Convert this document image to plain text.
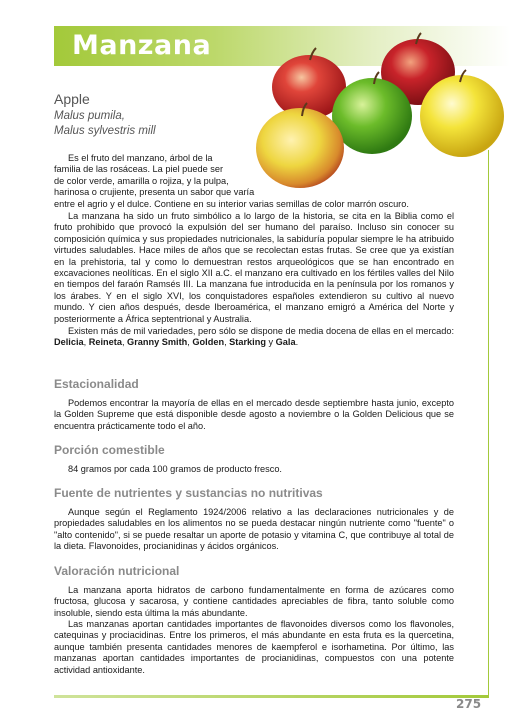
Manzana
Apple
Malus pumila,
Malus sylvestris mill
Es el fruto del manzano, árbol de la
familia de las rosáceas. La piel puede ser
de color verde, amarilla o rojiza, y la pulpa,
harinosa o crujiente, presenta un sabor que varía
entre el agrio y el dulce. Contiene en su interior varias semillas de color marrón oscuro.
La manzana ha sido un fruto simbólico a lo largo de la historia, se cita en la Biblia como el fruto prohibido que provocó la expulsión del ser humano del paraíso. Incluso sin conocer su composición química y sus propiedades nutricionales, la sabiduría popular siempre le ha atribuido virtudes saludables. Hace miles de años que se recolectan estas frutas. Se cree que ya existían en la prehistoria, tal y como lo demuestran restos arqueológicos que se han encontrado en excavaciones neolíticas. En el siglo XII a.C. el manzano era cultivado en los fértiles valles del Nilo en tiempos del faraón Ramsés III. La manzana fue introducida en la península por los romanos y los árabes. Y en el siglo XVI, los conquistadores españoles extendieron su cultivo al nuevo mundo. Y cien años después, desde Iberoamérica, el manzano emigró a América del Norte y posteriormente a África septentrional y Australia.
Existen más de mil variedades, pero sólo se dispone de media docena de ellas en el mercado: Delicia, Reineta, Granny Smith, Golden, Starking y Gala.
Estacionalidad
Podemos encontrar la mayoría de ellas en el mercado desde septiembre hasta junio, excepto la Golden Supreme que está disponible desde agosto a noviembre o la Golden Delicious que se encuentra prácticamente todo el año.
Porción comestible
84 gramos por cada 100 gramos de producto fresco.
Fuente de nutrientes y sustancias no nutritivas
Aunque según el Reglamento 1924/2006 relativo a las declaraciones nutricionales y de propiedades saludables en los alimentos no se pueda destacar ningún nutriente como "fuente" o "alto contenido", si se puede resaltar un aporte de potasio y vitamina C, que contribuye al total de la dieta. Flavonoides, procianidinas y ácidos orgánicos.
Valoración nutricional
La manzana aporta hidratos de carbono fundamentalmente en forma de azúcares como fructosa, glucosa y sacarosa, y contiene cantidades apreciables de fibra, tanto soluble como insoluble, siendo esta última la más abundante.
Las manzanas aportan cantidades importantes de flavonoides diversos como los flavonoles, catequinas y prociacidinas. Entre los primeros, el más abundante en esta fruta es la quercetina, aunque también presenta cantidades menores de kaempferol e isorhametina. Por último, las manzanas aportan cantidades importantes de procianidinas, compuestos con una potente actividad antioxidante.
275
